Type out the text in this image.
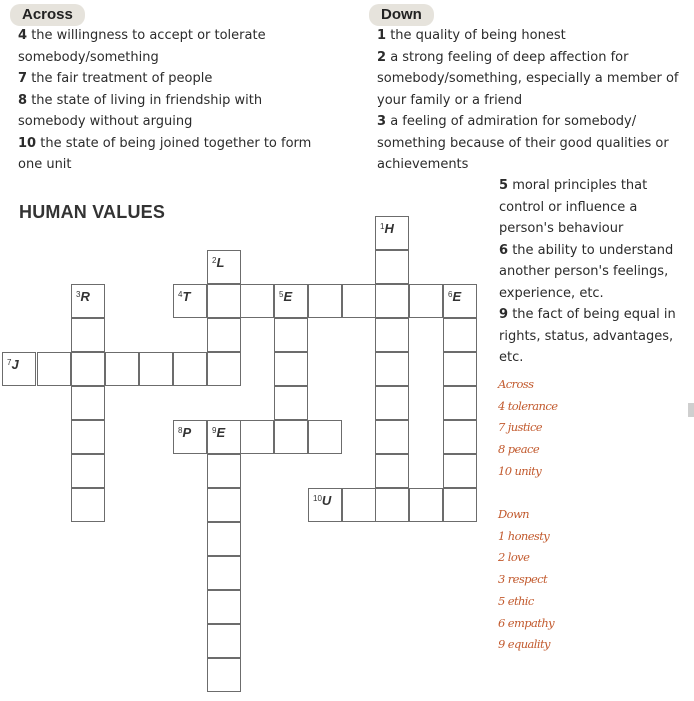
Across	Down
4 the willingness to accept or tolerate
somebody/something
7 the fair treatment of people
8 the state of living in friendship with
somebody without arguing
10 the state of being joined together to form
one unit
1 the quality of being honest
2 a strong feeling of deep affection for
somebody/something, especially a member of
your family or a friend
3 a feeling of admiration for somebody/
something because of their good qualities or
achievements
5 moral principles that
control or influence a
person's behaviour
6 the ability to understand
another person's feelings,
experience, etc.
9 the fact of being equal in
rights, status, advantages,
etc.
HUMAN VALUES
$^7$J
$^3$R	$^4$T	$^5$E	$^6$E
$^2$L
$^1$H
$^8$P	$^9$E
$^{10}$U
Across
4 tolerance
7 justice
8 peace
10 unity
Down
1 honesty
2 love
3 respect
5 ethic
6 empathy
9 equality
